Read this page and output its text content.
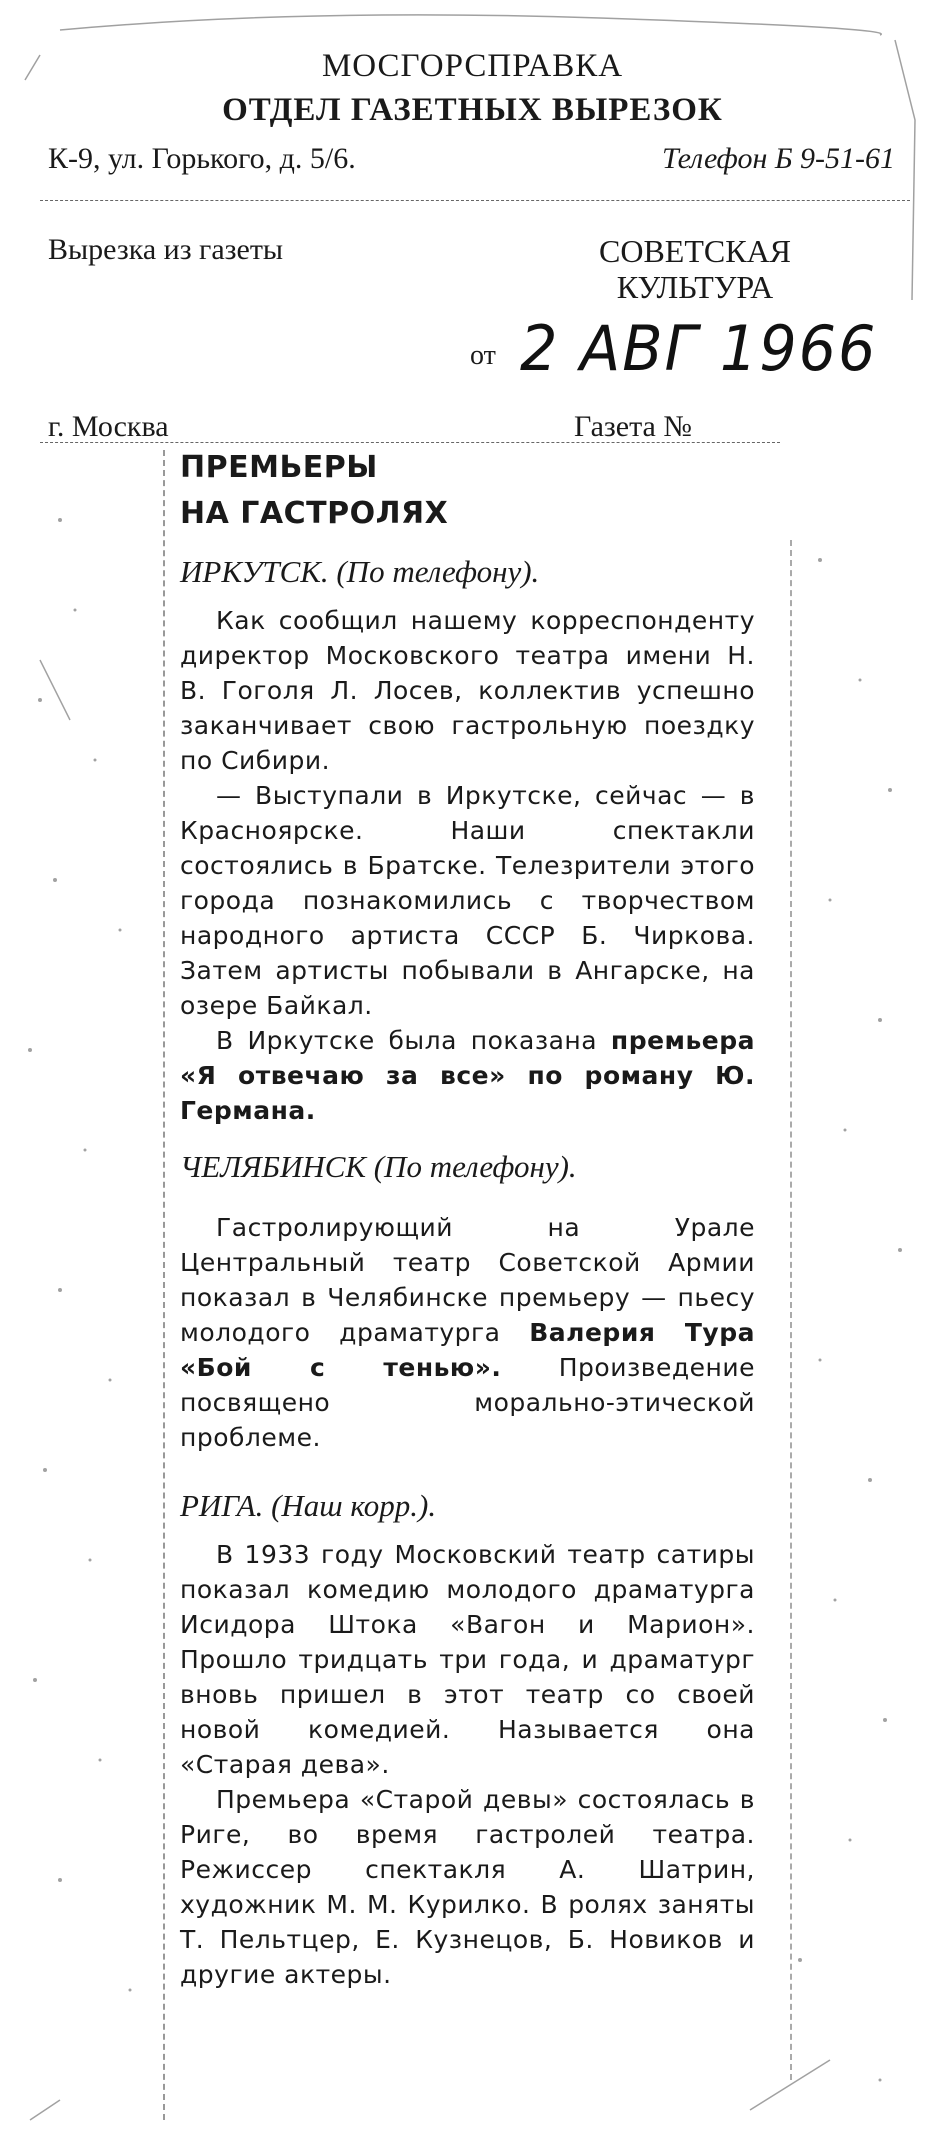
МОСГОРСПРАВКА
ОТДЕЛ ГАЗЕТНЫХ ВЫРЕЗОК
К-9, ул. Горького, д. 5/6.	Телефон Б 9-51-61
Вырезка из газеты	СОВЕТСКАЯ
КУЛЬТУРА
от 2 АВГ 1966
г. Москва	Газета №

ПРЕМЬЕРЫ

НА ГАСТРОЛЯХ

ИРКУТСК. (По телефону).

Как сообщил нашему корреспонденту директор Московского театра имени Н. В. Гоголя Л. Лосев, коллектив успешно заканчивает свою гастрольную поездку по Сибири.

— Выступали в Иркутске, сейчас — в Красноярске. Наши спектакли состоялись в Братске. Телезрители этого города познакомились с творчеством народного артиста СССР Б. Чиркова. Затем артисты побывали в Ангарске, на озере Байкал.

В Иркутске была показана премьера «Я отвечаю за все» по роману Ю. Германа.

ЧЕЛЯБИНСК (По телефону).

Гастролирующий на Урале Центральный театр Советской Армии показал в Челябинске премьеру — пьесу молодого драматурга Валерия Тура «Бой с тенью». Произведение посвящено морально-этической проблеме.

РИГА. (Наш корр.).

В 1933 году Московский театр сатиры показал комедию молодого драматурга Исидора Штока «Вагон и Марион». Прошло тридцать три года, и драматург вновь пришел в этот театр со своей новой комедией. Называется она «Старая дева».

Премьера «Старой девы» состоялась в Риге, во время гастролей театра. Режиссер спектакля А. Шатрин, художник М. М. Курилко. В ролях заняты Т. Пельтцер, Е. Кузнецов, Б. Новиков и другие актеры.
